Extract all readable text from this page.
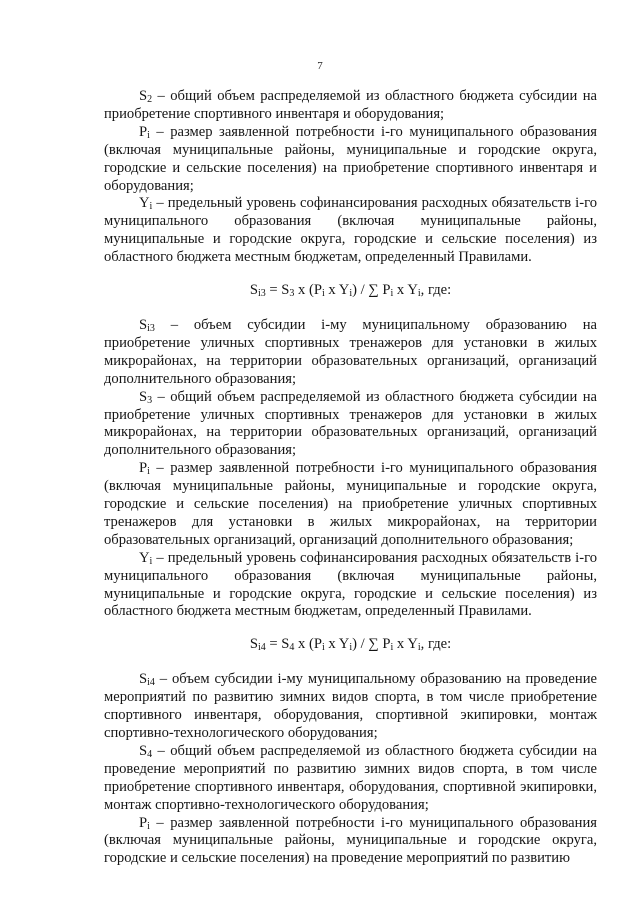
7

$S_2$ – общий объем распределяемой из областного бюджета субсидии на приобретение спортивного инвентаря и оборудования;

$P_i$ – размер заявленной потребности i-го муниципального образования (включая муниципальные районы, муниципальные и городские округа, городские и сельские поселения) на приобретение спортивного инвентаря и оборудования;

$Y_i$ – предельный уровень софинансирования расходных обязательств i-го муниципального образования (включая муниципальные районы, муниципальные и городские округа, городские и сельские поселения) из областного бюджета местным бюджетам, определенный Правилами.

$S_{i3} = S_3$ x ($P_i$ x $Y_i$) / ∑ $P_i$ x $Y_i$, где:

$S_{i3}$ – объем субсидии i-му муниципальному образованию на приобретение уличных спортивных тренажеров для установки в жилых микрорайонах, на территории образовательных организаций, организаций дополнительного образования;

$S_3$ – общий объем распределяемой из областного бюджета субсидии на приобретение уличных спортивных тренажеров для установки в жилых микрорайонах, на территории образовательных организаций, организаций дополнительного образования;

$P_i$ – размер заявленной потребности i-го муниципального образования (включая муниципальные районы, муниципальные и городские округа, городские и сельские поселения) на приобретение уличных спортивных тренажеров для установки в жилых микрорайонах, на территории образовательных организаций, организаций дополнительного образования;

$Y_i$ – предельный уровень софинансирования расходных обязательств i-го муниципального образования (включая муниципальные районы, муниципальные и городские округа, городские и сельские поселения) из областного бюджета местным бюджетам, определенный Правилами.

$S_{i4} = S_4$ x ($P_i$ x $Y_i$) / ∑ $P_i$ x $Y_i$, где:

$S_{i4}$ – объем субсидии i-му муниципальному образованию на проведение мероприятий по развитию зимних видов спорта, в том числе приобретение спортивного инвентаря, оборудования, спортивной экипировки, монтаж спортивно-технологического оборудования;

$S_4$ – общий объем распределяемой из областного бюджета субсидии на проведение мероприятий по развитию зимних видов спорта, в том числе приобретение спортивного инвентаря, оборудования, спортивной экипировки, монтаж спортивно-технологического оборудования;

$P_i$ – размер заявленной потребности i-го муниципального образования (включая муниципальные районы, муниципальные и городские округа, городские и сельские поселения) на проведение мероприятий по развитию
